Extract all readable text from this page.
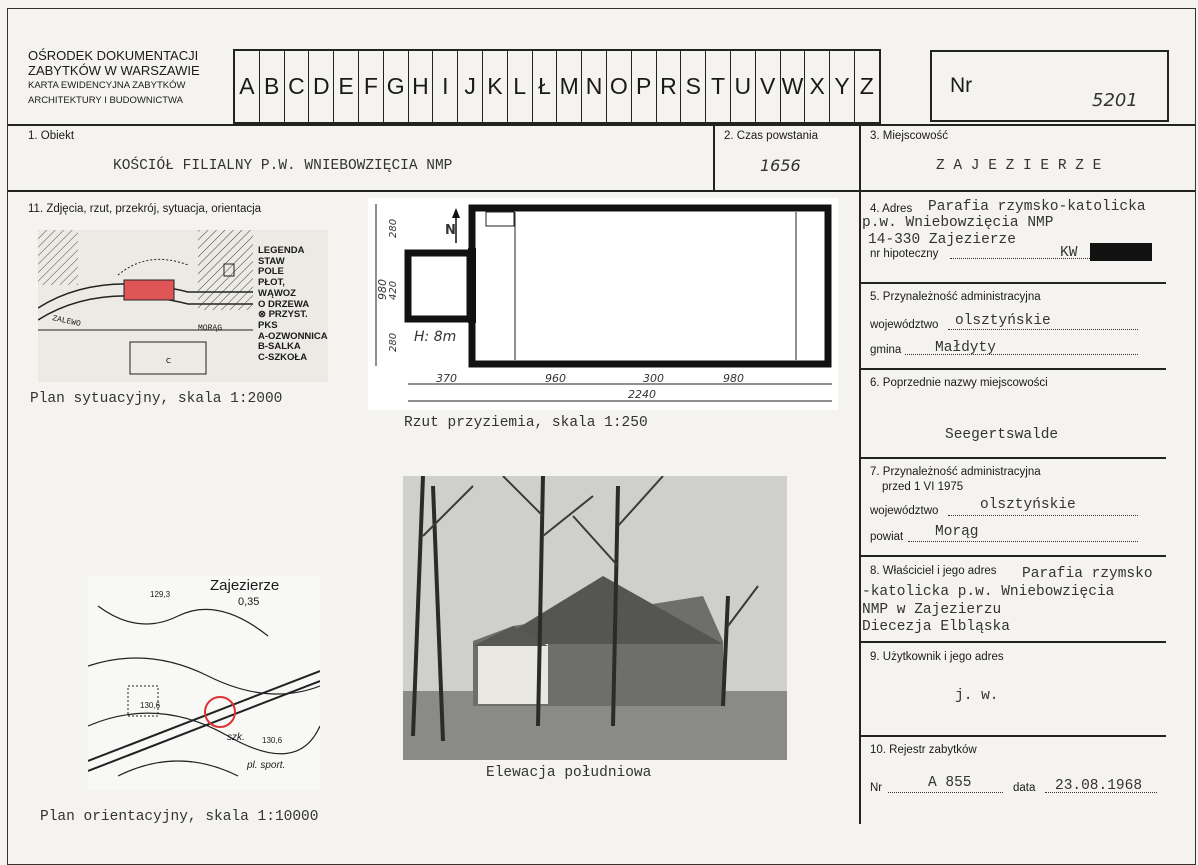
OŚRODEK DOKUMENTACJI
ZABYTKÓW W WARSZAWIE
KARTA EWIDENCYJNA ZABYTKÓW
ARCHITEKTURY I BUDOWNICTWA
A B C D E F G H I J K L Ł M N O P R S T U V W X Y Z	Nr
5201
1. Obiekt
KOŚCIÓŁ FILIALNY P.W. WNIEBOWZIĘCIA NMP
2. Czas powstania
1656
3. Miejscowość
Z A J E Z I E R Z E
4. Adres Parafia rzymsko-katolicka
p.w. Wniebowzięcia NMP
14-330 Zajezierze
nr hipoteczny	KW
5. Przynależność administracyjna
województwo olsztyńskie
gmina Małdyty
6. Poprzednie nazwy miejscowości
Seegertswalde
7. Przynależność administracyjna
przed 1 VI 1975
województwo	olsztyńskie
powiat Morąg
8. Właściciel i jego adres Parafia rzymsko
-katolicka p.w. Wniebowzięcia
NMP w Zajezierzu
Diecezja Elbląska
9. Użytkownik i jego adres
j. w.
10. Rejestr zabytków
Nr	A 855	data 23.08.1968
11. Zdjęcia, rzut, przekrój, sytuacja, orientacja
C
ZALEWO	MORĄG
LEGENDA
STAW
POLE
PŁOT,
WĄWOZ
O DRZEWA
⊗ PRZYST.
PKS
A-OZWONNICA
B-SALKA
C-SZKOŁA
Plan sytuacyjny, skala 1:2000
N
H: 8m
370	960	300	980
2240
280
420
280
980
Rzut przyziemia, skala 1:250
Elewacja południowa
Zajezierze
0,35
129,3
130,6
130,6
szk.
pl. sport.
Plan orientacyjny, skala 1:10000
